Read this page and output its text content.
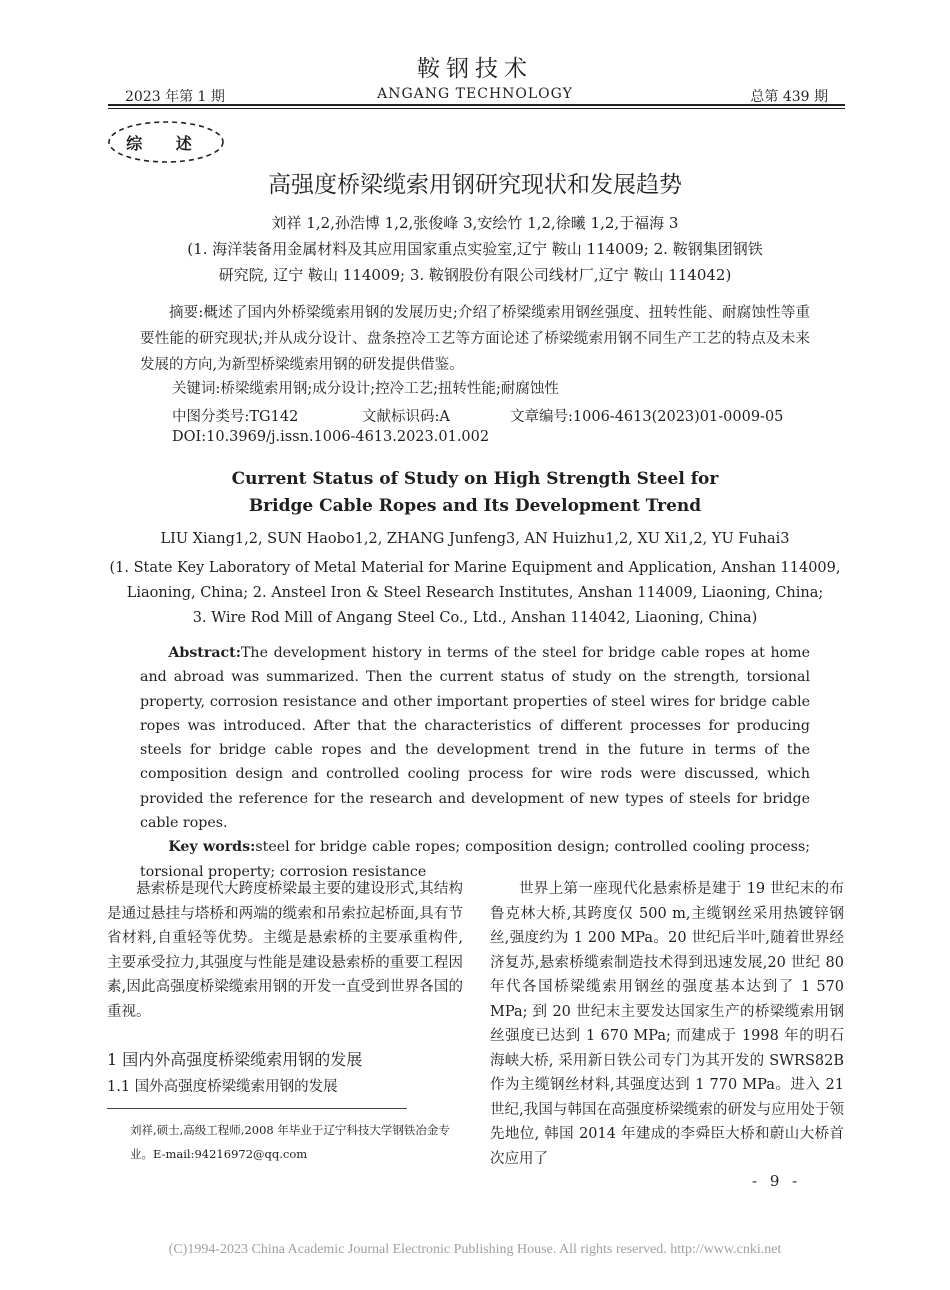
鞍钢技术
2023 年第 1 期	ANGANG TECHNOLOGY	总第 439 期
综 述
高强度桥梁缆索用钢研究现状和发展趋势
刘祥 1,2,孙浩博 1,2,张俊峰 3,安绘竹 1,2,徐曦 1,2,于福海 3
(1. 海洋装备用金属材料及其应用国家重点实验室,辽宁 鞍山 114009; 2. 鞍钢集团钢铁
研究院, 辽宁 鞍山 114009; 3. 鞍钢股份有限公司线材厂,辽宁 鞍山 114042)
摘要:概述了国内外桥梁缆索用钢的发展历史;介绍了桥梁缆索用钢丝强度、扭转性能、耐腐蚀性等重要性能的研究现状;并从成分设计、盘条控冷工艺等方面论述了桥梁缆索用钢不同生产工艺的特点及未来发展的方向,为新型桥梁缆索用钢的研发提供借鉴。
关键词:桥梁缆索用钢;成分设计;控冷工艺;扭转性能;耐腐蚀性
中图分类号:TG142	文献标识码:A	文章编号:1006-4613(2023)01-0009-05
DOI:10.3969/j.issn.1006-4613.2023.01.002
Current Status of Study on High Strength Steel for
Bridge Cable Ropes and Its Development Trend
LIU Xiang1,2, SUN Haobo1,2, ZHANG Junfeng3, AN Huizhu1,2, XU Xi1,2, YU Fuhai3
(1. State Key Laboratory of Metal Material for Marine Equipment and Application, Anshan 114009,
Liaoning, China; 2. Ansteel Iron & Steel Research Institutes, Anshan 114009, Liaoning, China;
3. Wire Rod Mill of Angang Steel Co., Ltd., Anshan 114042, Liaoning, China)
Abstract:The development history in terms of the steel for bridge cable ropes at home and abroad was summarized. Then the current status of study on the strength, torsional property, corrosion resistance and other important properties of steel wires for bridge cable ropes was introduced. After that the characteristics of different processes for producing steels for bridge cable ropes and the development trend in the future in terms of the composition design and controlled cooling process for wire rods were discussed, which provided the reference for the research and development of new types of steels for bridge cable ropes.
Key words:steel for bridge cable ropes; composition design; controlled cooling process; torsional property; corrosion resistance
悬索桥是现代大跨度桥梁最主要的建设形式,其结构是通过悬挂与塔桥和两端的缆索和吊索拉起桥面,具有节省材料,自重轻等优势。主缆是悬索桥的主要承重构件,主要承受拉力,其强度与性能是建设悬索桥的重要工程因素,因此高强度桥梁缆索用钢的开发一直受到世界各国的重视。
1 国内外高强度桥梁缆索用钢的发展
1.1 国外高强度桥梁缆索用钢的发展
刘祥,硕士,高级工程师,2008 年毕业于辽宁科技大学钢铁冶金专业。E-mail:94216972@qq.com
世界上第一座现代化悬索桥是建于 19 世纪末的布鲁克林大桥,其跨度仅 500 m,主缆钢丝采用热镀锌钢丝,强度约为 1 200 MPa。20 世纪后半叶,随着世界经济复苏,悬索桥缆索制造技术得到迅速发展,20 世纪 80 年代各国桥梁缆索用钢丝的强度基本达到了 1 570 MPa; 到 20 世纪末主要发达国家生产的桥梁缆索用钢丝强度已达到 1 670 MPa; 而建成于 1998 年的明石海峡大桥, 采用新日铁公司专门为其开发的 SWRS82B 作为主缆钢丝材料,其强度达到 1 770 MPa。进入 21 世纪,我国与韩国在高强度桥梁缆索的研发与应用处于领先地位, 韩国 2014 年建成的李舜臣大桥和蔚山大桥首次应用了
- 9 -
(C)1994-2023 China Academic Journal Electronic Publishing House. All rights reserved. http://www.cnki.net
